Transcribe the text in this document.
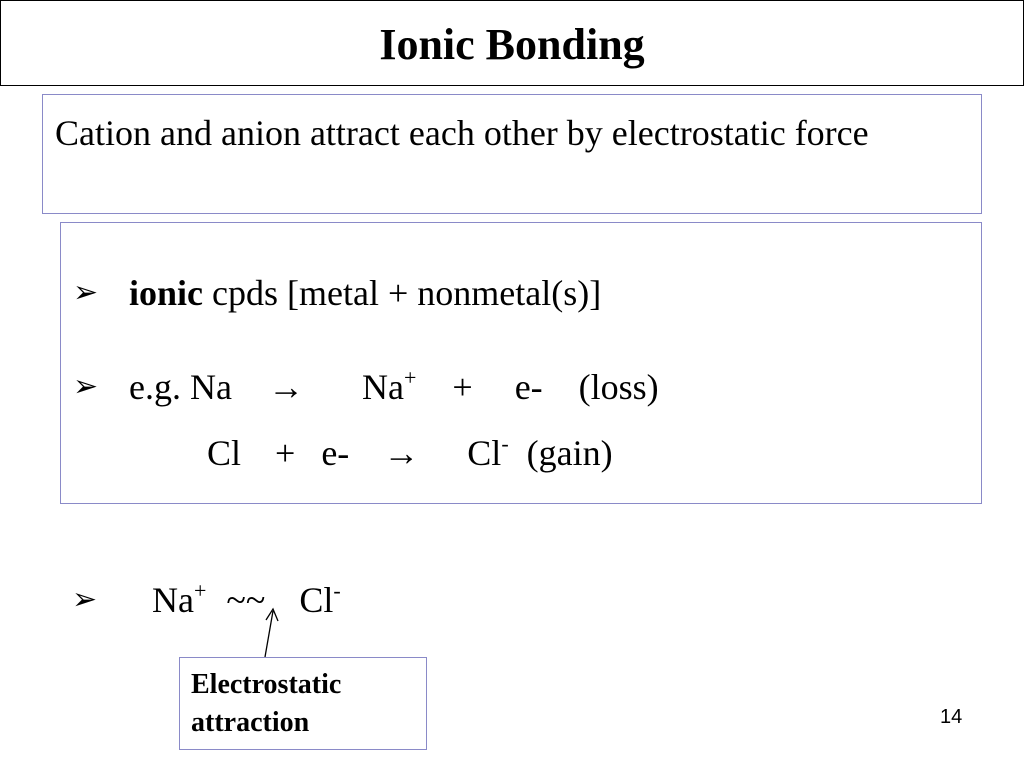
Ionic Bonding
Cation and anion attract each other by electrostatic force
➢ ionic cpds [metal + nonmetal(s)]
➢ e.g. Na → Na+ + e- (loss)
Cl + e- → Cl- (gain)
➢ Na+ ~~ Cl-
Electrostatic
attraction	14
